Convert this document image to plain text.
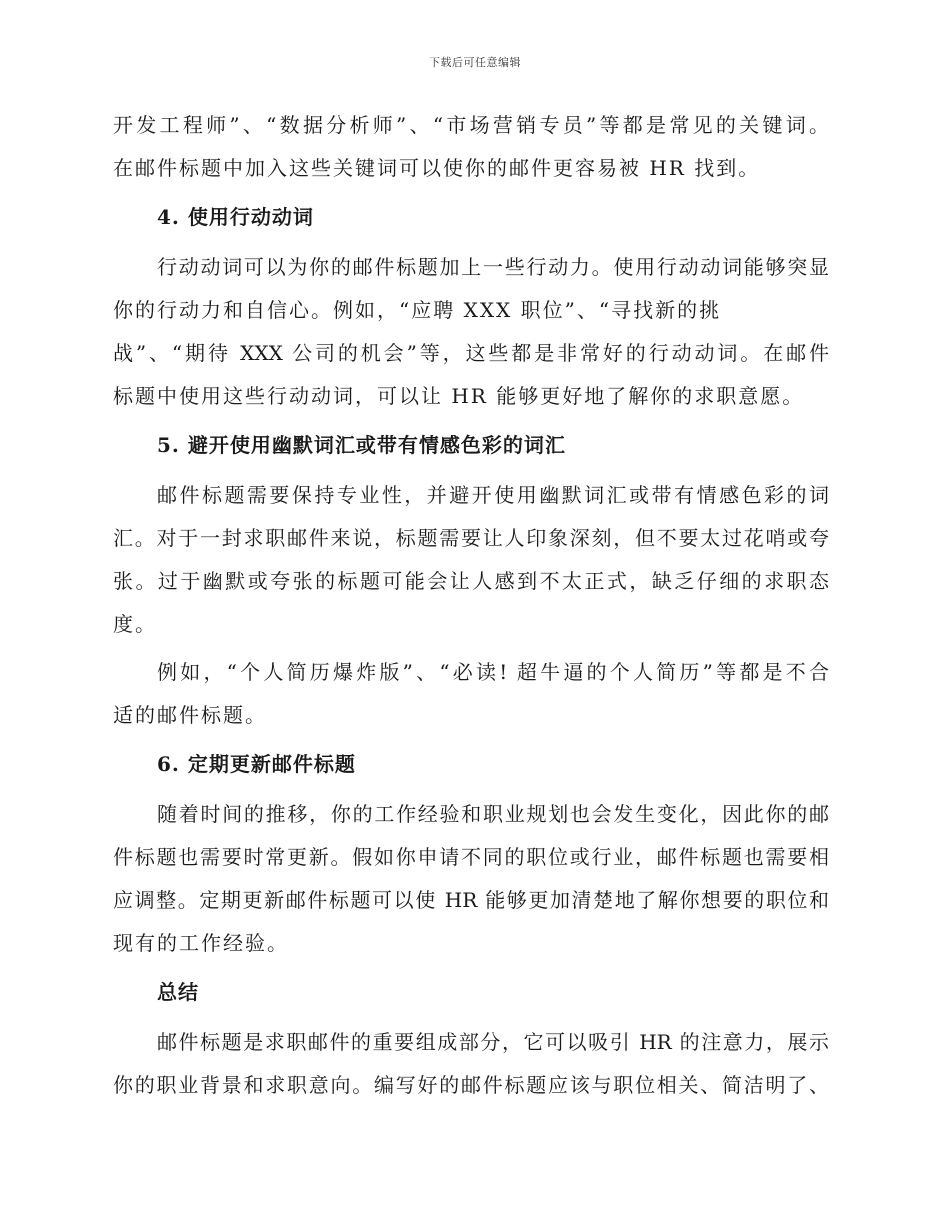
下载后可任意编辑
开发工程师”、“数据分析师”、“市场营销专员”等都是常见的关键词。
在邮件标题中加入这些关键词可以使你的邮件更容易被 HR 找到。
4. 使用行动动词
行动动词可以为你的邮件标题加上一些行动力。使用行动动词能够突显
你的行动力和自信心。例如，“应聘 XXX 职位”、“寻找新的挑
战”、“期待 XXX 公司的机会”等，这些都是非常好的行动动词。在邮件
标题中使用这些行动动词，可以让 HR 能够更好地了解你的求职意愿。
5. 避开使用幽默词汇或带有情感色彩的词汇
邮件标题需要保持专业性，并避开使用幽默词汇或带有情感色彩的词
汇。对于一封求职邮件来说，标题需要让人印象深刻，但不要太过花哨或夸
张。过于幽默或夸张的标题可能会让人感到不太正式，缺乏仔细的求职态
度。
例如，“个人简历爆炸版”、“必读! 超牛逼的个人简历”等都是不合
适的邮件标题。
6. 定期更新邮件标题
随着时间的推移，你的工作经验和职业规划也会发生变化，因此你的邮
件标题也需要时常更新。假如你申请不同的职位或行业，邮件标题也需要相
应调整。定期更新邮件标题可以使 HR 能够更加清楚地了解你想要的职位和
现有的工作经验。
总结
邮件标题是求职邮件的重要组成部分，它可以吸引 HR 的注意力，展示
你的职业背景和求职意向。编写好的邮件标题应该与职位相关、简洁明了、
